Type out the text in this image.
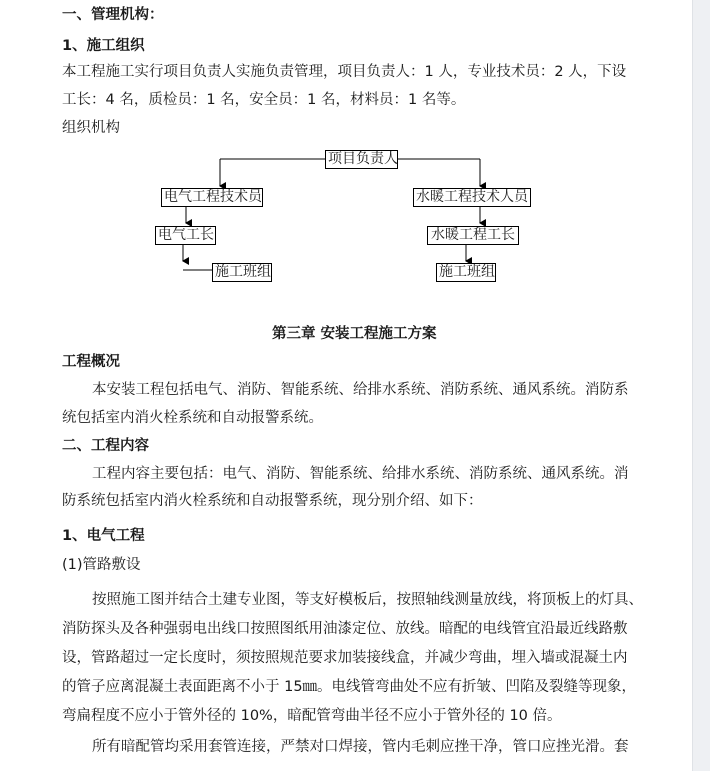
一、管理机构：
1、施工组织
本工程施工实行项目负责人实施负责管理，项目负责人：1 人，专业技术员：2 人，下设
工长：4 名，质检员：1 名，安全员：1 名，材料员：1 名等。
组织机构
项目负责人
电气工程技术员	水暖工程技术人员
电气工长	水暖工程工长
施工班组	施工班组
第三章 安装工程施工方案
工程概况
本安装工程包括电气、消防、智能系统、给排水系统、消防系统、通风系统。消防系
统包括室内消火栓系统和自动报警系统。
二、工程内容
工程内容主要包括：电气、消防、智能系统、给排水系统、消防系统、通风系统。消
防系统包括室内消火栓系统和自动报警系统，现分别介绍、如下：
1、电气工程
(1)管路敷设
按照施工图并结合土建专业图，等支好模板后，按照轴线测量放线，将顶板上的灯具、
消防探头及各种强弱电出线口按照图纸用油漆定位、放线。暗配的电线管宜沿最近线路敷
设，管路超过一定长度时，须按照规范要求加装接线盒，并减少弯曲，埋入墙或混凝土内
的管子应离混凝土表面距离不小于 15㎜。电线管弯曲处不应有折皱、凹陷及裂缝等现象，
弯扁程度不应小于管外径的 10%，暗配管弯曲半径不应小于管外径的 10 倍。
所有暗配管均采用套管连接，严禁对口焊接，管内毛刺应挫干净，管口应挫光滑。套
